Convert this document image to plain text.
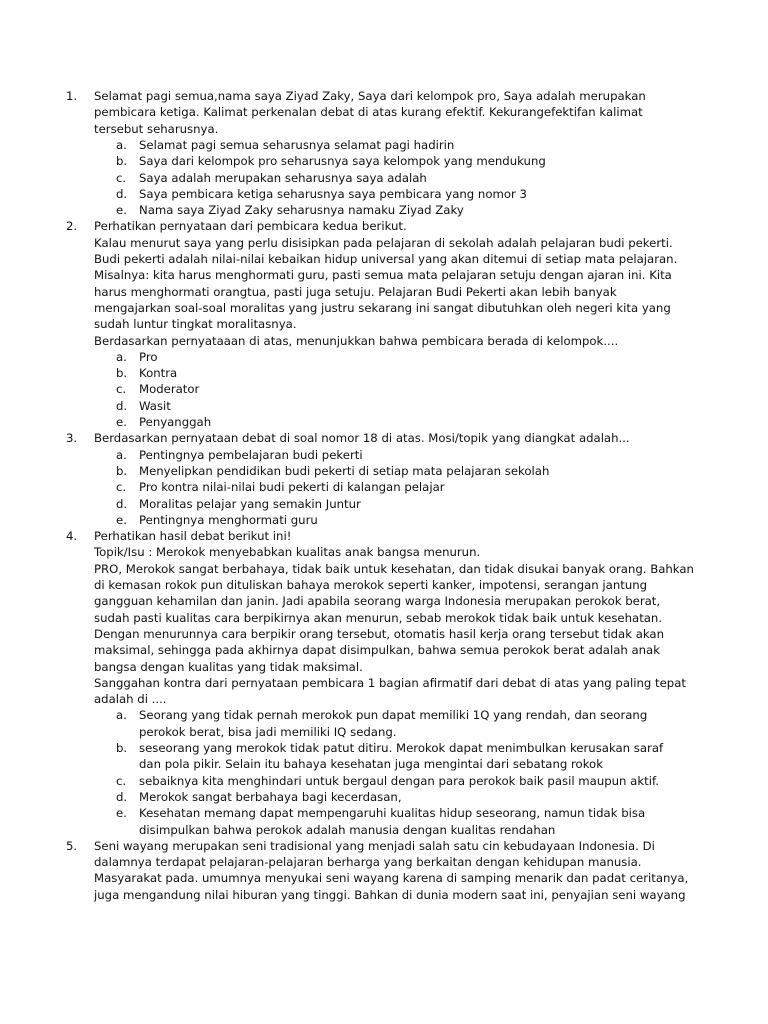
1. Selamat pagi semua,nama saya Ziyad Zaky, Saya dari kelompok pro, Saya adalah merupakan
pembicara ketiga. Kalimat perkenalan debat di atas kurang efektif. Kekurangefektifan kalimat
tersebut seharusnya.
a. Selamat pagi semua seharusnya selamat pagi hadirin
b. Saya dari kelompok pro seharusnya saya kelompok yang mendukung
c. Saya adalah merupakan seharusnya saya adalah
d. Saya pembicara ketiga seharusnya saya pembicara yang nomor 3
e. Nama saya Ziyad Zaky seharusnya namaku Ziyad Zaky
2. Perhatikan pernyataan dari pembicara kedua berikut.
Kalau menurut saya yang perlu disisipkan pada pelajaran di sekolah adalah pelajaran budi pekerti.
Budi pekerti adalah nilai-nilai kebaikan hidup universal yang akan ditemui di setiap mata pelajaran.
Misalnya: kita harus menghormati guru, pasti semua mata pelajaran setuju dengan ajaran ini. Kita
harus menghormati orangtua, pasti juga setuju. Pelajaran Budi Pekerti akan lebih banyak
mengajarkan soal-soal moralitas yang justru sekarang ini sangat dibutuhkan oleh negeri kita yang
sudah luntur tingkat moralitasnya.
Berdasarkan pernyataaan di atas, menunjukkan bahwa pembicara berada di kelompok....
a. Pro
b. Kontra
c. Moderator
d. Wasit
e. Penyanggah
3. Berdasarkan pernyataan debat di soal nomor 18 di atas. Mosi/topik yang diangkat adalah...
a. Pentingnya pembelajaran budi pekerti
b. Menyelipkan pendidikan budi pekerti di setiap mata pelajaran sekolah
c. Pro kontra nilai-nilai budi pekerti di kalangan pelajar
d. Moralitas pelajar yang semakin Juntur
e. Pentingnya menghormati guru
4. Perhatikan hasil debat berikut ini!
Topik/Isu : Merokok menyebabkan kualitas anak bangsa menurun.
PRO, Merokok sangat berbahaya, tidak baik untuk kesehatan, dan tidak disukai banyak orang. Bahkan
di kemasan rokok pun dituliskan bahaya merokok seperti kanker, impotensi, serangan jantung
gangguan kehamilan dan janin. Jadi apabila seorang warga Indonesia merupakan perokok berat,
sudah pasti kualitas cara berpikirnya akan menurun, sebab merokok tidak baik untuk kesehatan.
Dengan menurunnya cara berpikir orang tersebut, otomatis hasil kerja orang tersebut tidak akan
maksimal, sehingga pada akhirnya dapat disimpulkan, bahwa semua perokok berat adalah anak
bangsa dengan kualitas yang tidak maksimal.
Sanggahan kontra dari pernyataan pembicara 1 bagian afirmatif dari debat di atas yang paling tepat
adalah di ....
a. Seorang yang tidak pernah merokok pun dapat memiliki 1Q yang rendah, dan seorang
perokok berat, bisa jadi memiliki IQ sedang.
b. seseorang yang merokok tidak patut ditiru. Merokok dapat menimbulkan kerusakan saraf
dan pola pikir. Selain itu bahaya kesehatan juga mengintai dari sebatang rokok
c. sebaiknya kita menghindari untuk bergaul dengan para perokok baik pasil maupun aktif.
d. Merokok sangat berbahaya bagi kecerdasan,
e. Kesehatan memang dapat mempengaruhi kualitas hidup seseorang, namun tidak bisa
disimpulkan bahwa perokok adalah manusia dengan kualitas rendahan
5. Seni wayang merupakan seni tradisional yang menjadi salah satu cin kebudayaan Indonesia. Di
dalamnya terdapat pelajaran-pelajaran berharga yang berkaitan dengan kehidupan manusia.
Masyarakat pada. umumnya menyukai seni wayang karena di samping menarik dan padat ceritanya,
juga mengandung nilai hiburan yang tinggi. Bahkan di dunia modern saat ini, penyajian seni wayang
